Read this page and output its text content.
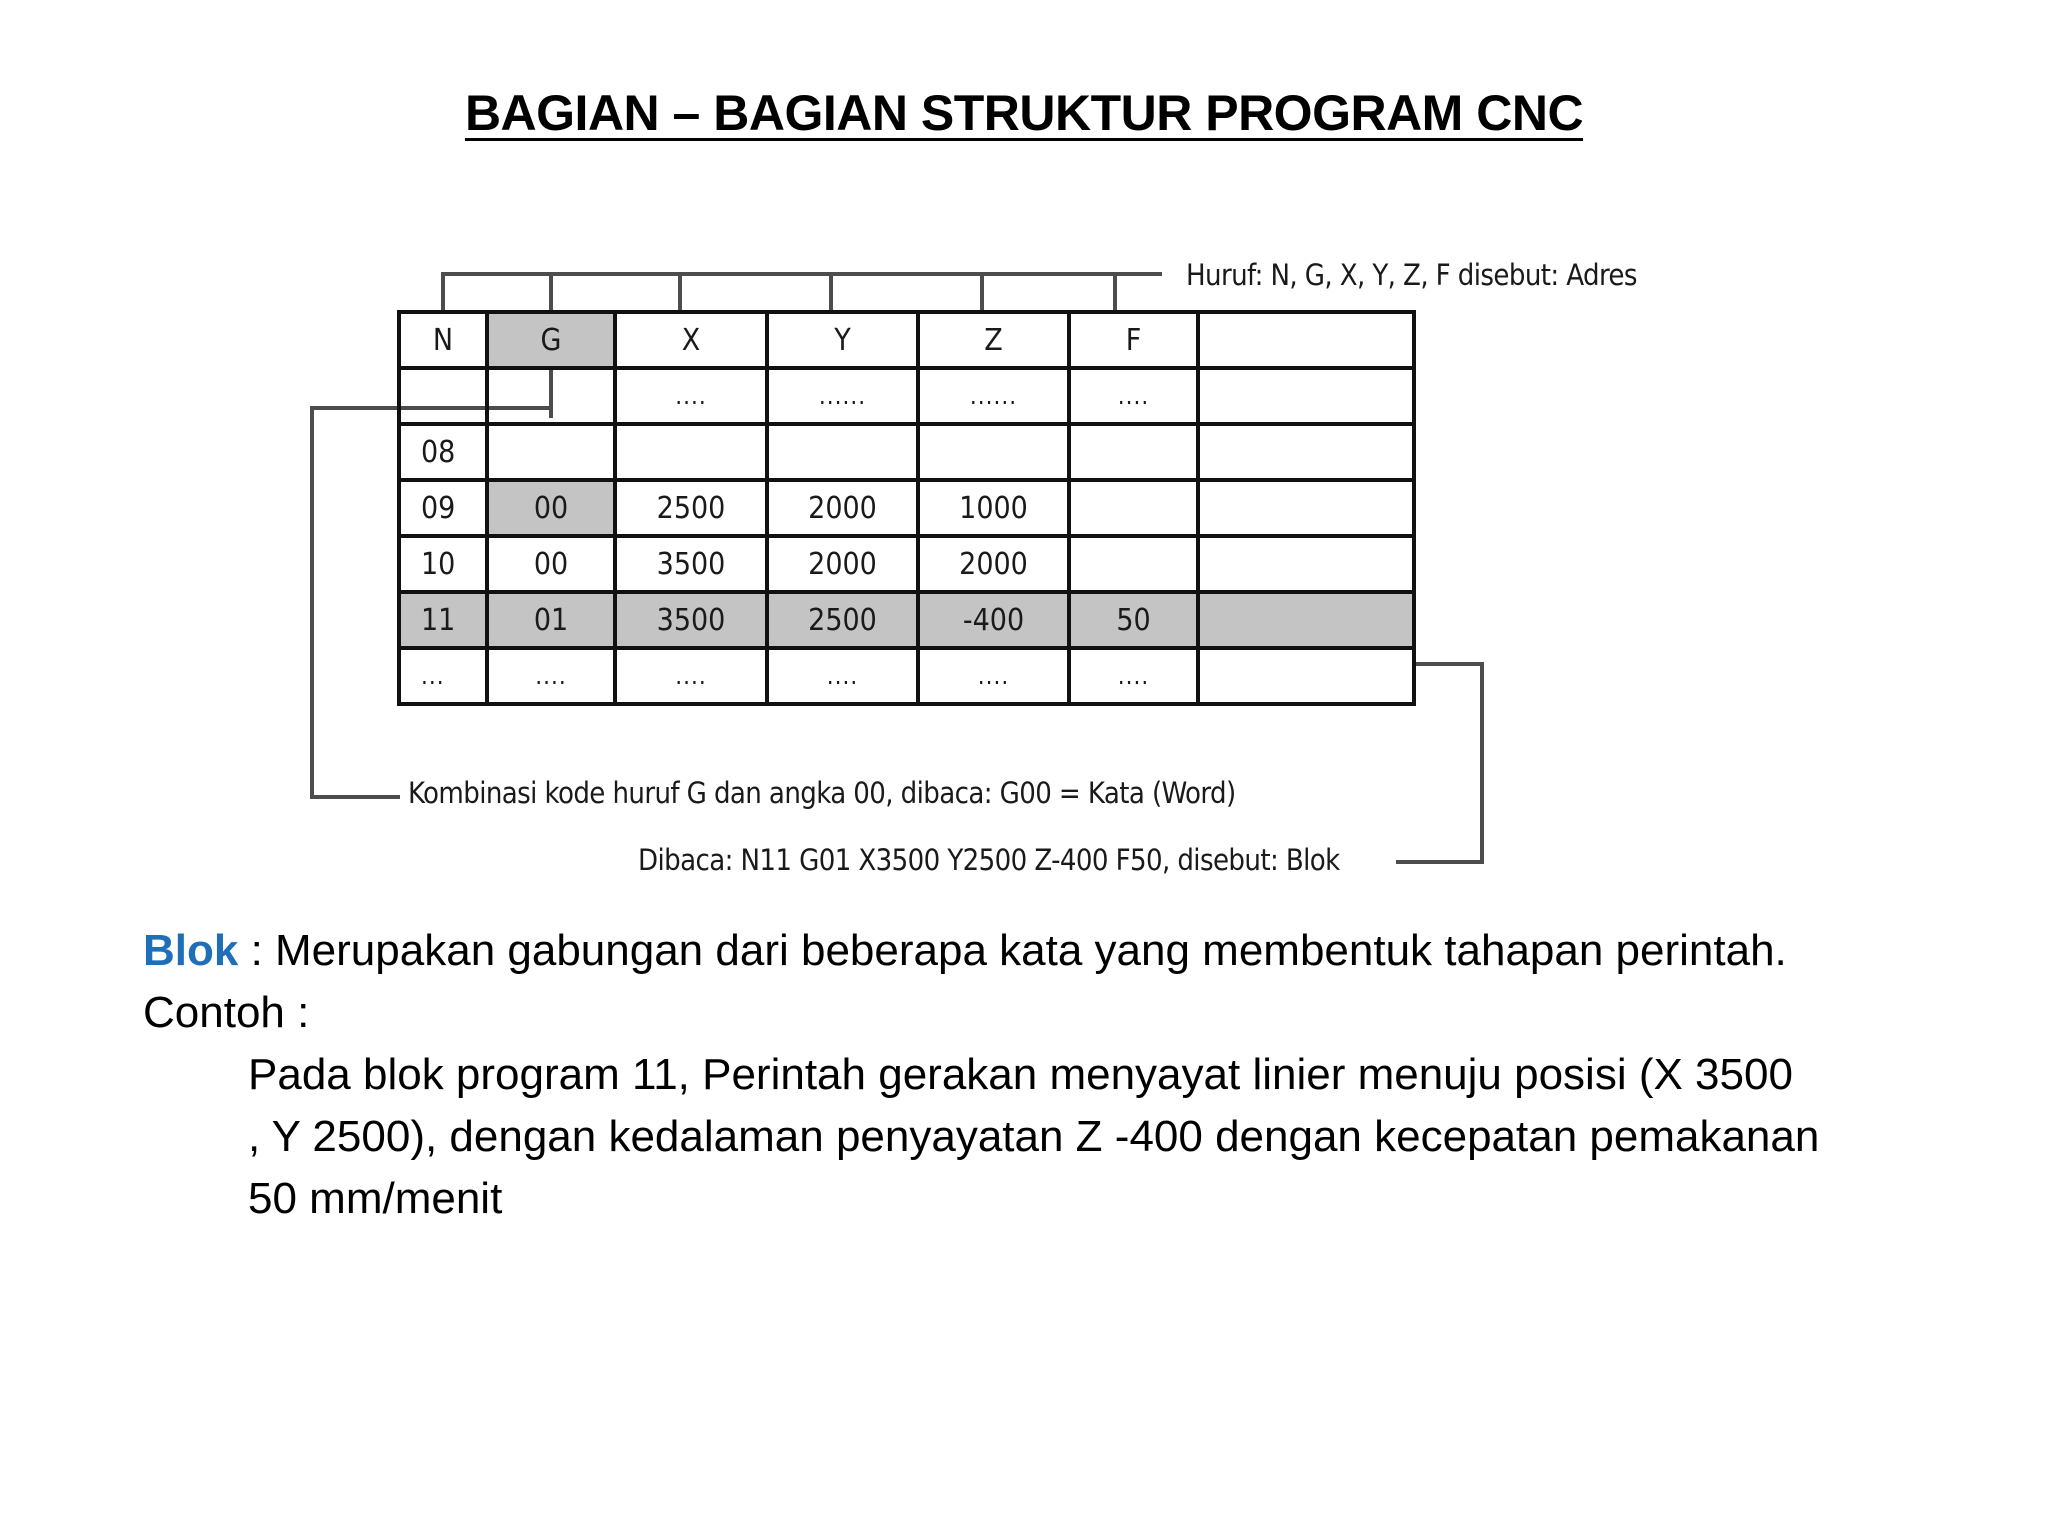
BAGIAN – BAGIAN STRUKTUR PROGRAM CNC
N	G	X	Y	Z	F	
		....	......	......	....	
08						
09	00	2500	2000	1000		
10	00	3500	2000	2000		
11	01	3500	2500	-400	50	
...	....	....	....	....	....	
Huruf: N, G, X, Y, Z, F disebut: Adres
Kombinasi kode huruf G dan angka 00, dibaca: G00 = Kata (Word)
Dibaca: N11 G01 X3500 Y2500 Z-400 F50, disebut: Blok
Blok : Merupakan gabungan dari beberapa kata yang membentuk tahapan perintah.
Contoh :
Pada blok program 11, Perintah gerakan menyayat linier menuju posisi (X 3500
, Y 2500), dengan kedalaman penyayatan Z -400 dengan kecepatan pemakanan
50 mm/menit
